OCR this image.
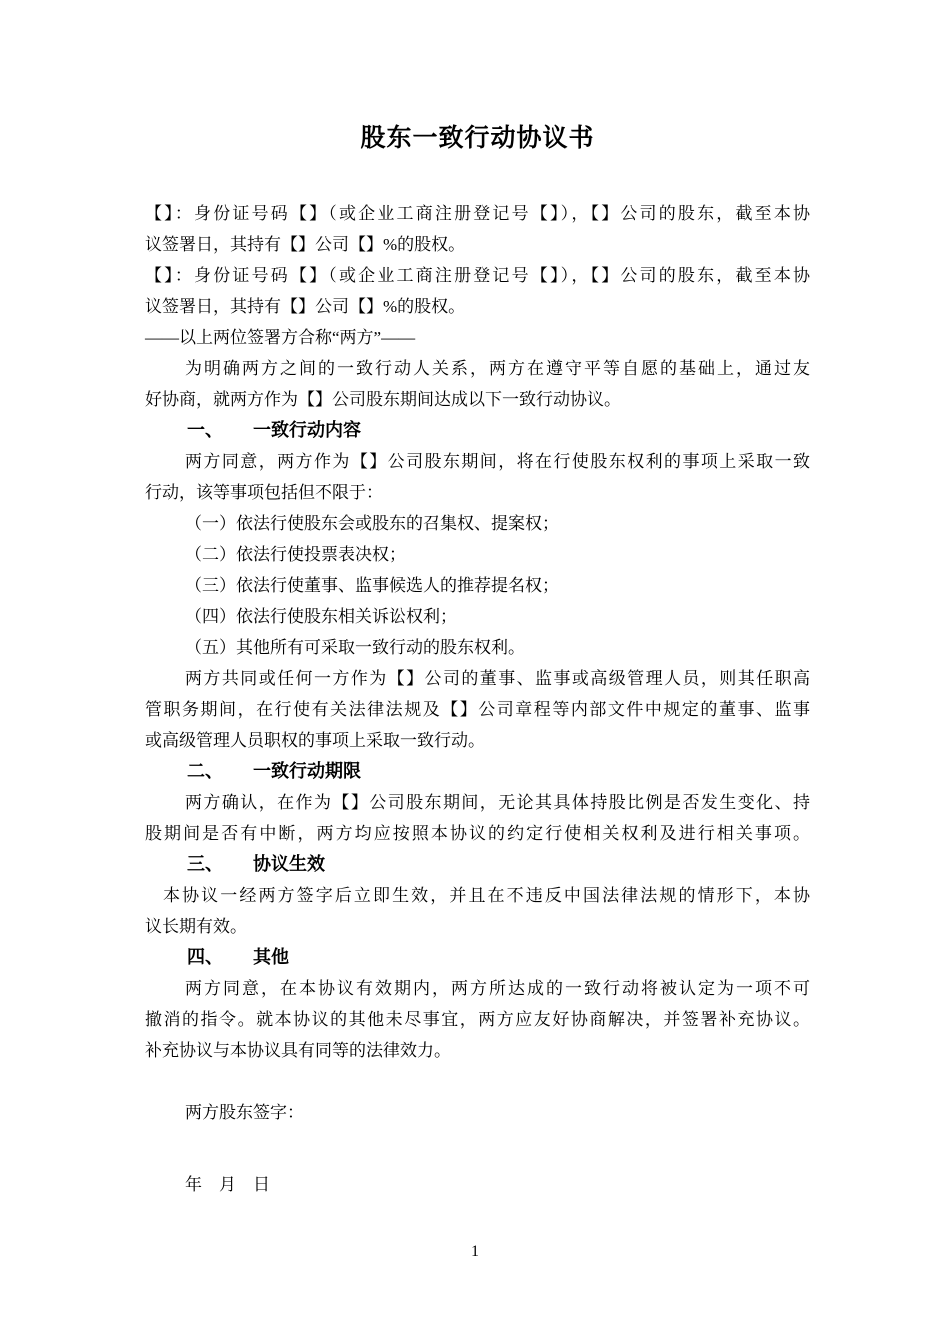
股东一致行动协议书
【】：身份证号码【】（或企业工商注册登记号【】），【】公司的股东，截至本协
议签署日，其持有【】公司【】%的股权。
【】：身份证号码【】（或企业工商注册登记号【】），【】公司的股东，截至本协
议签署日，其持有【】公司【】%的股权。
——以上两位签署方合称“两方”——
为明确两方之间的一致行动人关系，两方在遵守平等自愿的基础上，通过友
好协商，就两方作为【】公司股东期间达成以下一致行动协议。
一、 一致行动内容
两方同意，两方作为【】公司股东期间，将在行使股东权利的事项上采取一致
行动，该等事项包括但不限于：
（一）依法行使股东会或股东的召集权、提案权；
（二）依法行使投票表决权；
（三）依法行使董事、监事候选人的推荐提名权；
（四）依法行使股东相关诉讼权利；
（五）其他所有可采取一致行动的股东权利。
两方共同或任何一方作为【】公司的董事、监事或高级管理人员，则其任职高
管职务期间，在行使有关法律法规及【】公司章程等内部文件中规定的董事、监事
或高级管理人员职权的事项上采取一致行动。
二、 一致行动期限
两方确认，在作为【】公司股东期间，无论其具体持股比例是否发生变化、持
股期间是否有中断，两方均应按照本协议的约定行使相关权利及进行相关事项。
三、 协议生效
本协议一经两方签字后立即生效，并且在不违反中国法律法规的情形下，本协
议长期有效。
四、 其他
两方同意，在本协议有效期内，两方所达成的一致行动将被认定为一项不可
撤消的指令。就本协议的其他未尽事宜，两方应友好协商解决，并签署补充协议。
补充协议与本协议具有同等的法律效力。
两方股东签字：
年　月　日
1
